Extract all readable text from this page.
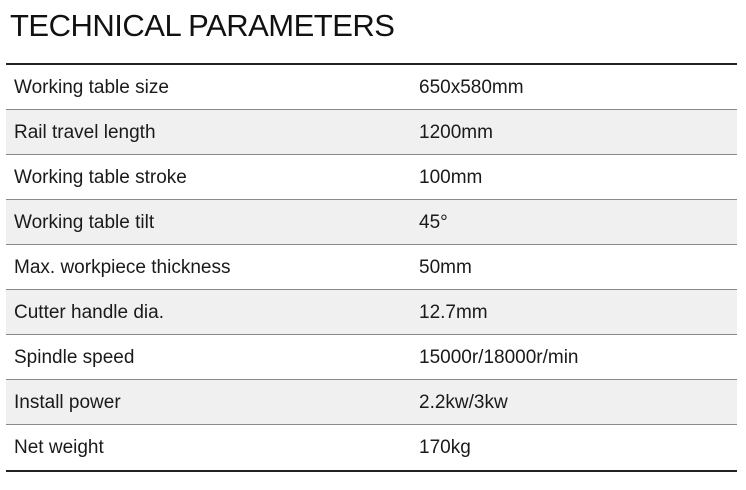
TECHNICAL PARAMETERS
Working table size	650x580mm
Rail travel length	1200mm
Working table stroke	100mm
Working table tilt	45°
Max. workpiece thickness	50mm
Cutter handle dia.	12.7mm
Spindle speed	15000r/18000r/min
Install power	2.2kw/3kw
Net weight	170kg
